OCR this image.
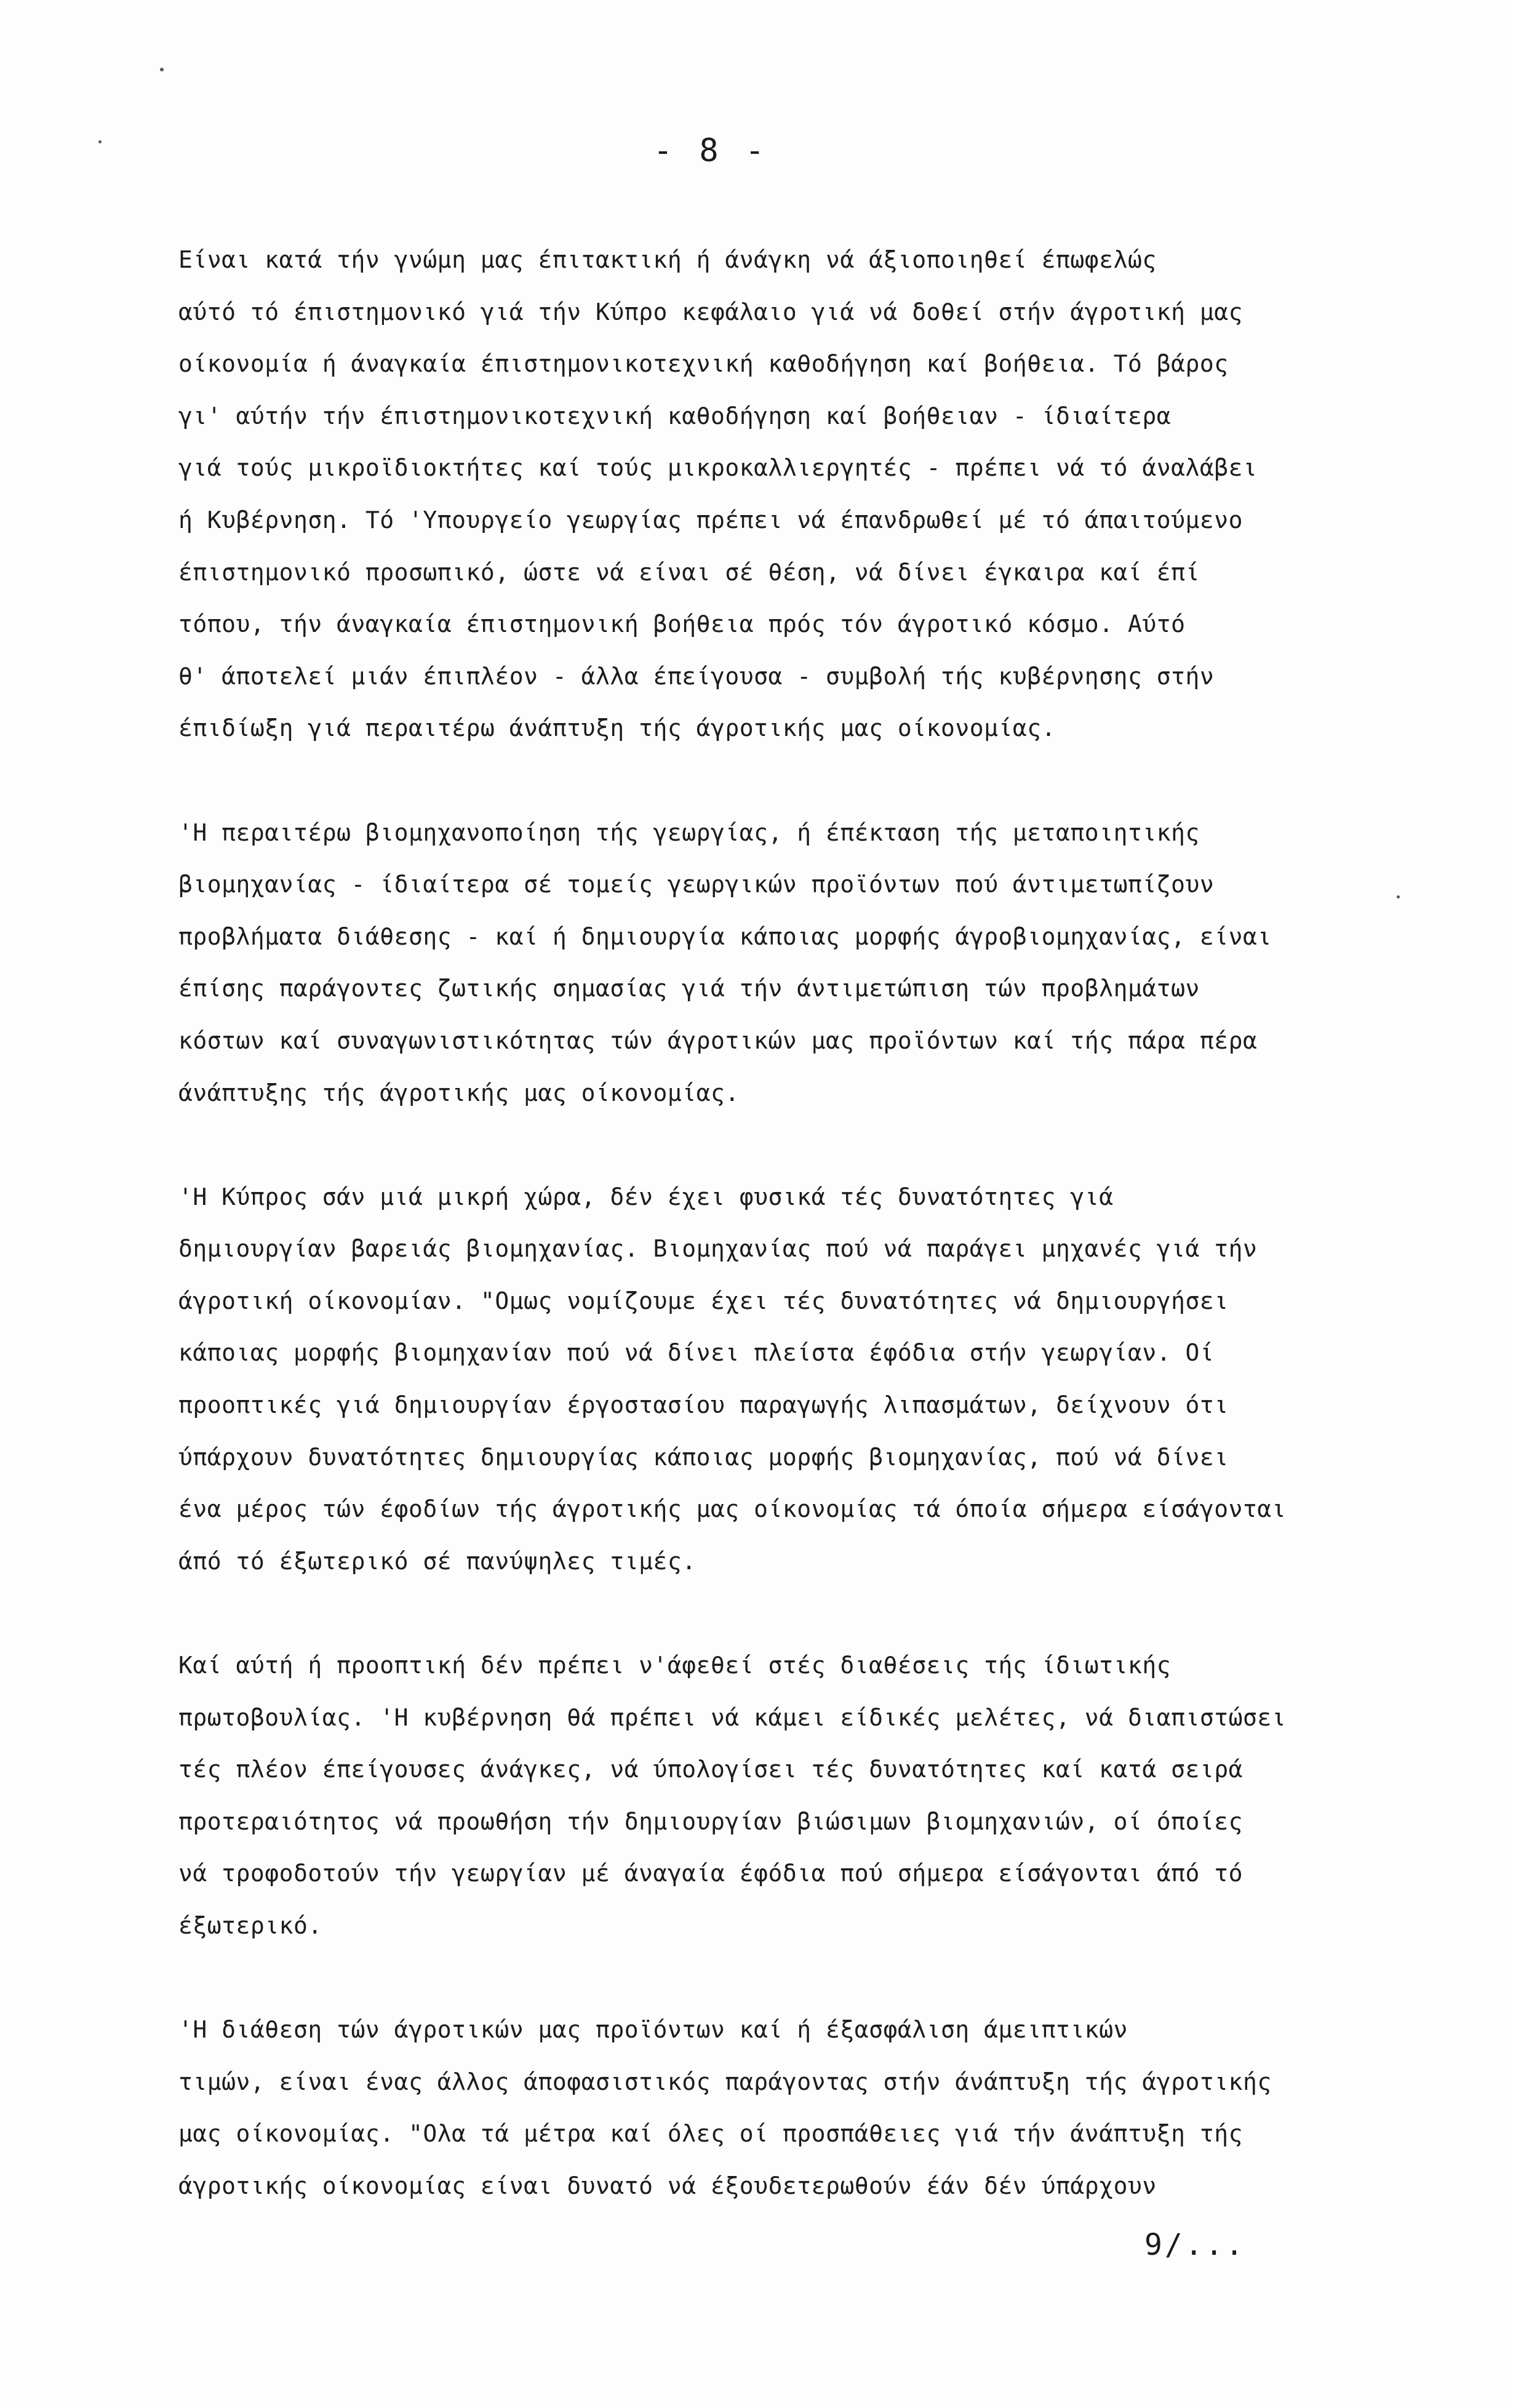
- 8 -
Είναι κατά τήν γνώμη μας έπιτακτική ή άνάγκη νά άξιοποιηθεί έπωφελώς
αύτό τό έπιστημονικό γιά τήν Κύπρο κεφάλαιο γιά νά δοθεί στήν άγροτική μας
οίκονομία ή άναγκαία έπιστημονικοτεχνική καθοδήγηση καί βοήθεια. Τό βάρος
γι' αύτήν τήν έπιστημονικοτεχνική καθοδήγηση καί βοήθειαν - ίδιαίτερα
γιά τούς μικροϊδιοκτήτες καί τούς μικροκαλλιεργητές - πρέπει νά τό άναλάβει
ή Κυβέρνηση. Τό 'Υπουργείο γεωργίας πρέπει νά έπανδρωθεί μέ τό άπαιτούμενο
έπιστημονικό προσωπικό, ώστε νά είναι σέ θέση, νά δίνει έγκαιρα καί έπί
τόπου, τήν άναγκαία έπιστημονική βοήθεια πρός τόν άγροτικό κόσμο. Αύτό
θ' άποτελεί μιάν έπιπλέον - άλλα έπείγουσα - συμβολή τής κυβέρνησης στήν
έπιδίωξη γιά περαιτέρω άνάπτυξη τής άγροτικής μας οίκονομίας.
'Η περαιτέρω βιομηχανοποίηση τής γεωργίας, ή έπέκταση τής μεταποιητικής
βιομηχανίας - ίδιαίτερα σέ τομείς γεωργικών προϊόντων πού άντιμετωπίζουν
προβλήματα διάθεσης - καί ή δημιουργία κάποιας μορφής άγροβιομηχανίας, είναι
έπίσης παράγοντες ζωτικής σημασίας γιά τήν άντιμετώπιση τών προβλημάτων
κόστων καί συναγωνιστικότητας τών άγροτικών μας προϊόντων καί τής πάρα πέρα
άνάπτυξης τής άγροτικής μας οίκονομίας.
'Η Κύπρος σάν μιά μικρή χώρα, δέν έχει φυσικά τές δυνατότητες γιά
δημιουργίαν βαρειάς βιομηχανίας. Βιομηχανίας πού νά παράγει μηχανές γιά τήν
άγροτική οίκονομίαν. "Ομως νομίζουμε έχει τές δυνατότητες νά δημιουργήσει
κάποιας μορφής βιομηχανίαν πού νά δίνει πλείστα έφόδια στήν γεωργίαν. Οί
προοπτικές γιά δημιουργίαν έργοστασίου παραγωγής λιπασμάτων, δείχνουν ότι
ύπάρχουν δυνατότητες δημιουργίας κάποιας μορφής βιομηχανίας, πού νά δίνει
ένα μέρος τών έφοδίων τής άγροτικής μας οίκονομίας τά όποία σήμερα είσάγονται
άπό τό έξωτερικό σέ πανύψηλες τιμές.
Καί αύτή ή προοπτική δέν πρέπει ν'άφεθεί στές διαθέσεις τής ίδιωτικής
πρωτοβουλίας. 'Η κυβέρνηση θά πρέπει νά κάμει είδικές μελέτες, νά διαπιστώσει
τές πλέον έπείγουσες άνάγκες, νά ύπολογίσει τές δυνατότητες καί κατά σειρά
προτεραιότητος νά προωθήση τήν δημιουργίαν βιώσιμων βιομηχανιών, οί όποίες
νά τροφοδοτούν τήν γεωργίαν μέ άναγαία έφόδια πού σήμερα είσάγονται άπό τό
έξωτερικό.
'Η διάθεση τών άγροτικών μας προϊόντων καί ή έξασφάλιση άμειπτικών
τιμών, είναι ένας άλλος άποφασιστικός παράγοντας στήν άνάπτυξη τής άγροτικής
μας οίκονομίας. "Ολα τά μέτρα καί όλες οί προσπάθειες γιά τήν άνάπτυξη τής
άγροτικής οίκονομίας είναι δυνατό νά έξουδετερωθούν έάν δέν ύπάρχουν
9/...
